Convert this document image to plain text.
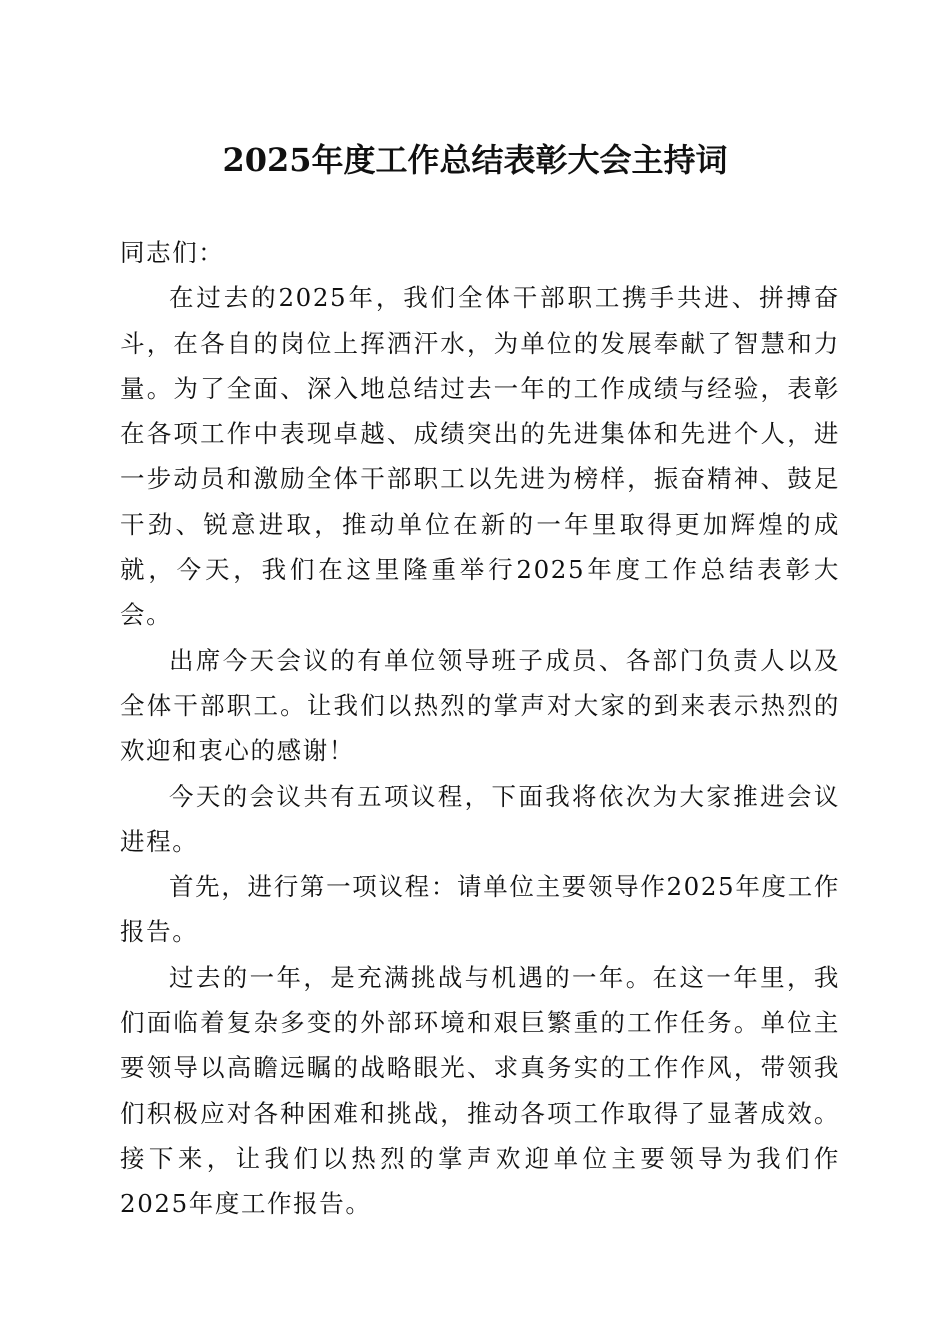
2025年度工作总结表彰大会主持词

同志们：

在过去的2025年，我们全体干部职工携手共进、拼搏奋斗，在各自的岗位上挥洒汗水，为单位的发展奉献了智慧和力量。为了全面、深入地总结过去一年的工作成绩与经验，表彰在各项工作中表现卓越、成绩突出的先进集体和先进个人，进一步动员和激励全体干部职工以先进为榜样，振奋精神、鼓足干劲、锐意进取，推动单位在新的一年里取得更加辉煌的成就，今天，我们在这里隆重举行2025年度工作总结表彰大会。

出席今天会议的有单位领导班子成员、各部门负责人以及全体干部职工。让我们以热烈的掌声对大家的到来表示热烈的欢迎和衷心的感谢！

今天的会议共有五项议程，下面我将依次为大家推进会议进程。

首先，进行第一项议程：请单位主要领导作2025年度工作报告。

过去的一年，是充满挑战与机遇的一年。在这一年里，我们面临着复杂多变的外部环境和艰巨繁重的工作任务。单位主要领导以高瞻远瞩的战略眼光、求真务实的工作作风，带领我们积极应对各种困难和挑战，推动各项工作取得了显著成效。接下来，让我们以热烈的掌声欢迎单位主要领导为我们作2025年度工作报告。
